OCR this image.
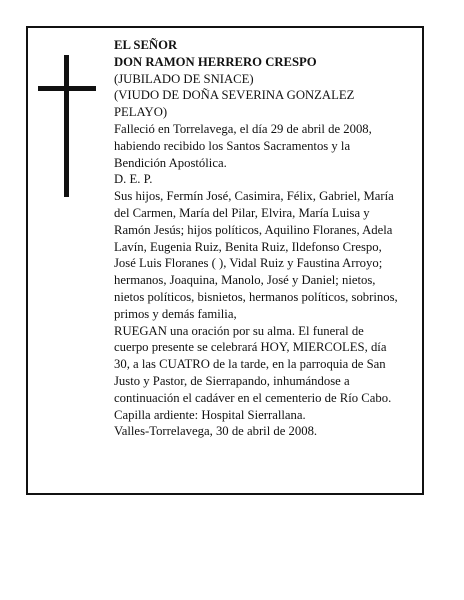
EL SEÑOR
DON RAMON HERRERO CRESPO
(JUBILADO DE SNIACE)
(VIUDO DE DOÑA SEVERINA GONZALEZ
PELAYO)
Falleció en Torrelavega, el día 29 de abril de 2008,
habiendo recibido los Santos Sacramentos y la
Bendición Apostólica.
D. E. P.
Sus hijos, Fermín José, Casimira, Félix, Gabriel, María
del Carmen, María del Pilar, Elvira, María Luisa y
Ramón Jesús; hijos políticos, Aquilino Floranes, Adela
Lavín, Eugenia Ruiz, Benita Ruiz, Ildefonso Crespo,
José Luis Floranes ( ), Vidal Ruiz y Faustina Arroyo;
hermanos, Joaquina, Manolo, José y Daniel; nietos,
nietos políticos, bisnietos, hermanos políticos, sobrinos,
primos y demás familia,
RUEGAN una oración por su alma. El funeral de
cuerpo presente se celebrará HOY, MIERCOLES, día
30, a las CUATRO de la tarde, en la parroquia de San
Justo y Pastor, de Sierrapando, inhumándose a
continuación el cadáver en el cementerio de Río Cabo.
Capilla ardiente: Hospital Sierrallana.
Valles-Torrelavega, 30 de abril de 2008.
